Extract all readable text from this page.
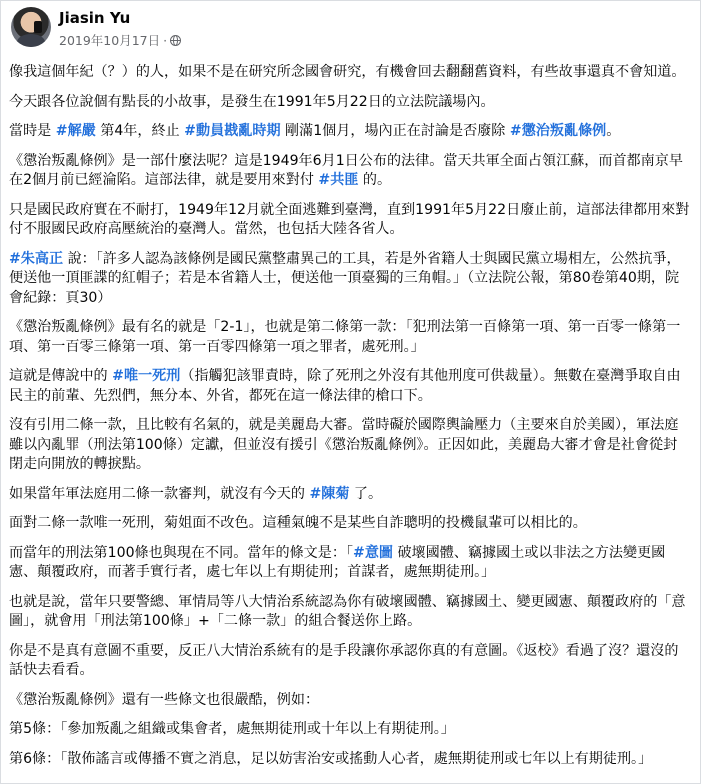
Jiasin Yu
2019年10月17日 ·

像我這個年紀（？）的人，如果不是在研究所念國會研究，有機會回去翻翻舊資料，有些故事還真不會知道。

今天跟各位說個有點長的小故事，是發生在1991年5月22日的立法院議場內。

當時是 #解嚴 第4年，終止 #動員戡亂時期 剛滿1個月，場內正在討論是否廢除 #懲治叛亂條例。

《懲治叛亂條例》是一部什麼法呢？這是1949年6月1日公布的法律。當天共軍全面占領江蘇，而首都南京早在2個月前已經淪陷。這部法律，就是要用來對付 #共匪 的。

只是國民政府實在不耐打，1949年12月就全面逃難到臺灣，直到1991年5月22日廢止前，這部法律都用來對付不服國民政府高壓統治的臺灣人。當然，也包括大陸各省人。

#朱高正 說：「許多人認為該條例是國民黨整肅異己的工具，若是外省籍人士與國民黨立場相左，公然抗爭，便送他一頂匪諜的紅帽子；若是本省籍人士，便送他一頂臺獨的三角帽。」（立法院公報，第80卷第40期，院會紀錄：頁30）

《懲治叛亂條例》最有名的就是「2-1」，也就是第二條第一款：「犯刑法第一百條第一項、第一百零一條第一項、第一百零三條第一項、第一百零四條第一項之罪者，處死刑。」

這就是傳說中的 #唯一死刑（指觸犯該罪責時，除了死刑之外沒有其他刑度可供裁量）。無數在臺灣爭取自由民主的前輩、先烈們，無分本、外省，都死在這一條法律的槍口下。

沒有引用二條一款，且比較有名氣的，就是美麗島大審。當時礙於國際輿論壓力（主要來自於美國），軍法庭雖以內亂罪（刑法第100條）定讞，但並沒有援引《懲治叛亂條例》。正因如此，美麗島大審才會是社會從封閉走向開放的轉捩點。

如果當年軍法庭用二條一款審判，就沒有今天的 #陳菊 了。

面對二條一款唯一死刑，菊姐面不改色。這種氣魄不是某些自詐聰明的投機鼠輩可以相比的。

而當年的刑法第100條也與現在不同。當年的條文是：「#意圖 破壞國體、竊據國土或以非法之方法變更國憲、顛覆政府，而著手實行者，處七年以上有期徒刑；首謀者，處無期徒刑。」

也就是說，當年只要警總、軍情局等八大情治系統認為你有破壞國體、竊據國土、變更國憲、顛覆政府的「意圖」，就會用「刑法第100條」+「二條一款」的組合餐送你上路。

你是不是真有意圖不重要，反正八大情治系統有的是手段讓你承認你真的有意圖。《返校》看過了沒？還沒的話快去看看。

《懲治叛亂條例》還有一些條文也很嚴酷，例如：

第5條：「參加叛亂之組織或集會者，處無期徒刑或十年以上有期徒刑。」

第6條：「散佈謠言或傳播不實之消息，足以妨害治安或搖動人心者，處無期徒刑或七年以上有期徒刑。」
